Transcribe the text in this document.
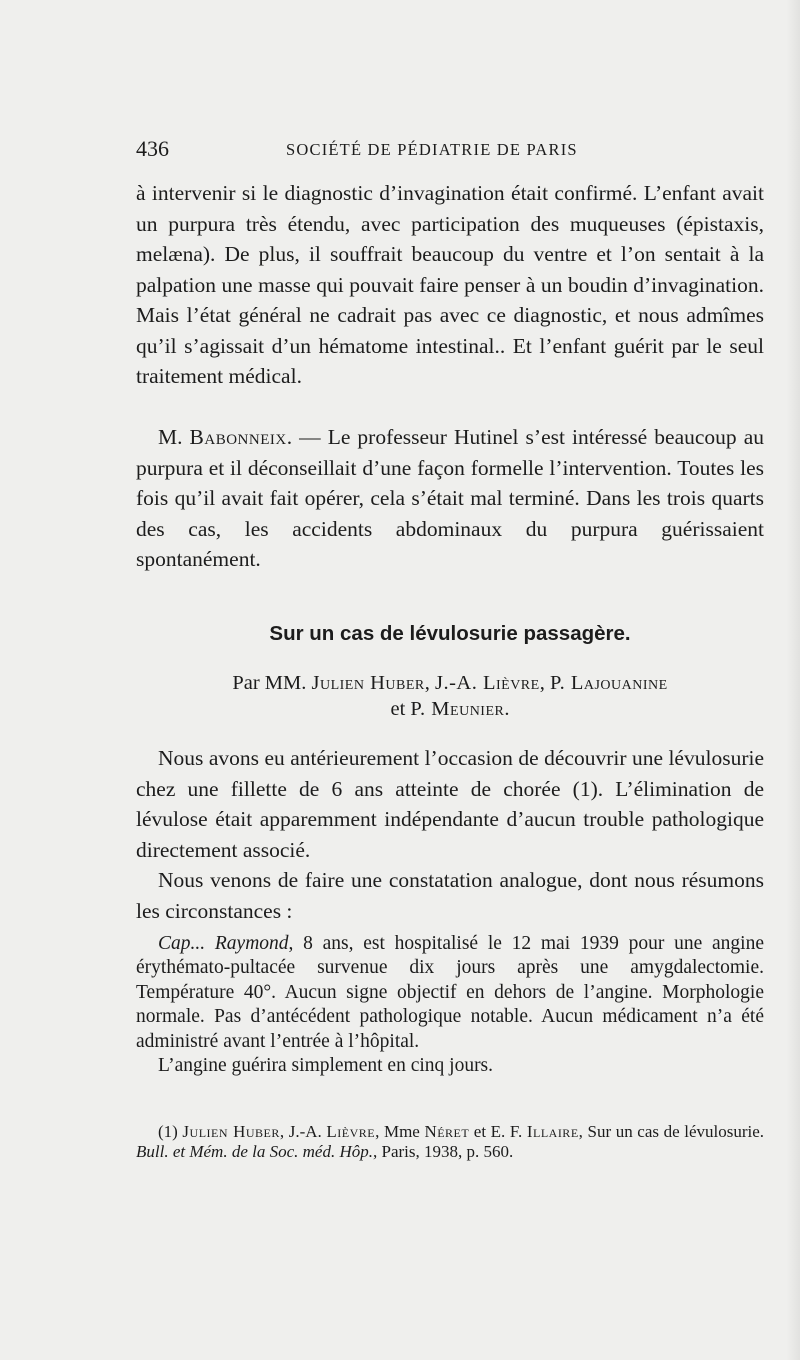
436	SOCIÉTÉ DE PÉDIATRIE DE PARIS

à intervenir si le diagnostic d’invagination était confirmé. L’enfant avait un purpura très étendu, avec participation des muqueuses (épistaxis, melæna). De plus, il souffrait beaucoup du ventre et l’on sentait à la palpation une masse qui pouvait faire penser à un boudin d’invagination. Mais l’état général ne cadrait pas avec ce diagnostic, et nous admîmes qu’il s’agissait d’un hématome intestinal.. Et l’enfant guérit par le seul traitement médical.

M. Babonneix. — Le professeur Hutinel s’est intéressé beaucoup au purpura et il déconseillait d’une façon formelle l’intervention. Toutes les fois qu’il avait fait opérer, cela s’était mal terminé. Dans les trois quarts des cas, les accidents abdominaux du purpura guérissaient spontanément.

Sur un cas de lévulosurie passagère.
Par MM. Julien Huber, J.-A. Lièvre, P. Lajouanine
et P. Meunier.

Nous avons eu antérieurement l’occasion de découvrir une lévulosurie chez une fillette de 6 ans atteinte de chorée (1). L’élimination de lévulose était apparemment indépendante d’aucun trouble pathologique directement associé.

Nous venons de faire une constatation analogue, dont nous résumons les circonstances :

Cap... Raymond, 8 ans, est hospitalisé le 12 mai 1939 pour une angine érythémato-pultacée survenue dix jours après une amygdalectomie. Température 40°. Aucun signe objectif en dehors de l’angine. Morphologie normale. Pas d’antécédent pathologique notable. Aucun médicament n’a été administré avant l’entrée à l’hôpital.

L’angine guérira simplement en cinq jours.

(1) Julien Huber, J.-A. Lièvre, Mme Néret et E. F. Illaire, Sur un cas de lévulosurie. Bull. et Mém. de la Soc. méd. Hôp., Paris, 1938, p. 560.
